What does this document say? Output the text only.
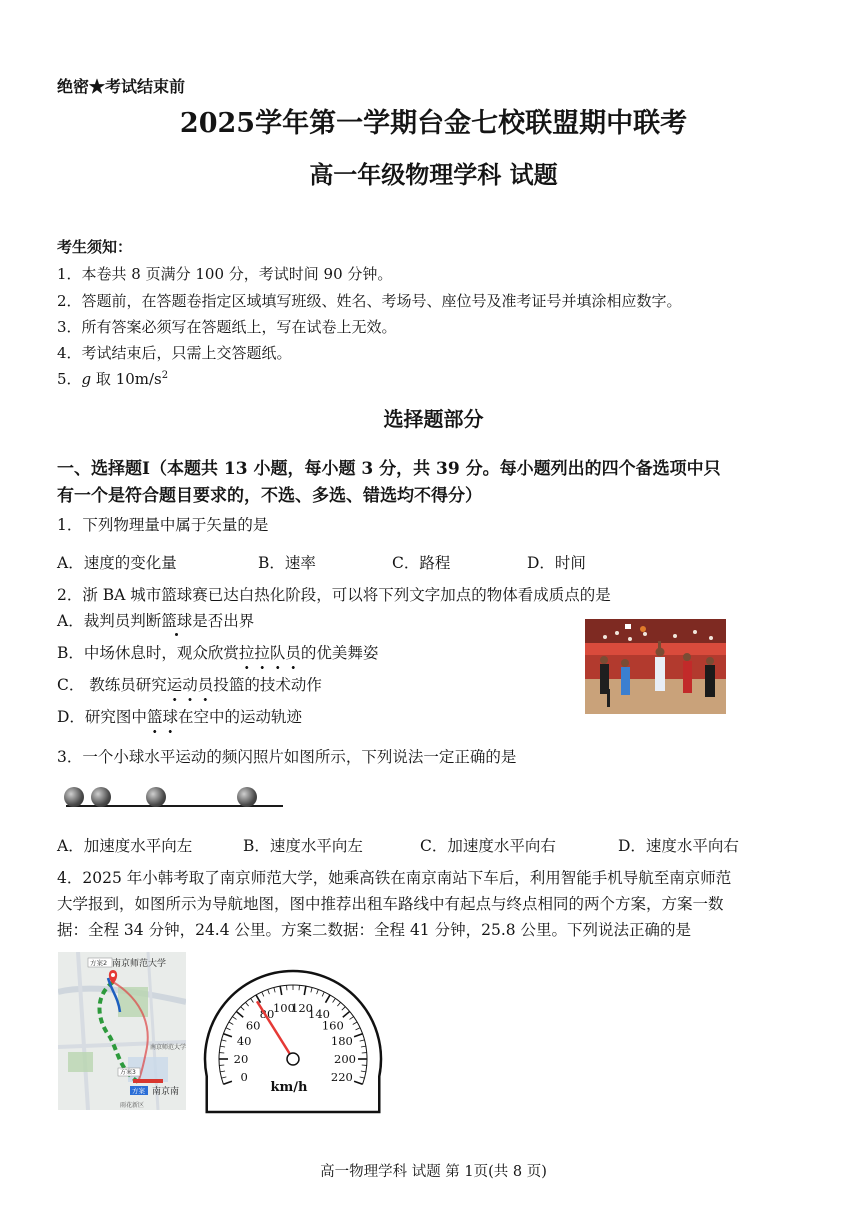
绝密★考试结束前
2025学年第一学期台金七校联盟期中联考
高一年级物理学科 试题
考生须知：
1．本卷共 8 页满分 100 分，考试时间 90 分钟。
2．答题前，在答题卷指定区域填写班级、姓名、考场号、座位号及准考证号并填涂相应数字。
3．所有答案必须写在答题纸上，写在试卷上无效。
4．考试结束后，只需上交答题纸。
5．g 取 $10m/s^2$
选择题部分
一、选择题Ⅰ（本题共 13 小题，每小题 3 分，共 39 分。每小题列出的四个备选项中只
有一个是符合题目要求的，不选、多选、错选均不得分）
1．下列物理量中属于矢量的是
A．速度的变化量	B．速率	C．路程	D．时间
2．浙 BA 城市篮球赛已达白热化阶段，可以将下列文字加点的物体看成质点的是
A．裁判员判断篮球是否出界
B．中场休息时，观众欣赏拉拉队员
的优美舞姿
C． 教练员研究运动员
投篮的技术动作
D．研究图中篮球
在空中的运动轨迹
3．一个小球水平运动的频闪照片如图所示，下列说法一定正确的是
A．加速度水平向左	B．速度水平向左	C．加速度水平向右	D．速度水平向右
4．2025 年小韩考取了南京师范大学，她乘高铁在南京南站下车后，利用智能手机导航至南京师范
大学报到，如图所示为导航地图，图中推荐出租车路线中有起点与终点相同的两个方案，方案一数
据：全程 34 分钟，24.4 公里。方案二数据：全程 41 分钟，25.8 公里。下列说法正确的是
方案2 南京师范大学
南京师范大学
方案3
方案 南京南
雨花新区
0
20
40
60
80
100
120
140
160
180
200
220
km/h
高一物理学科 试题 第 1页(共 8 页)
